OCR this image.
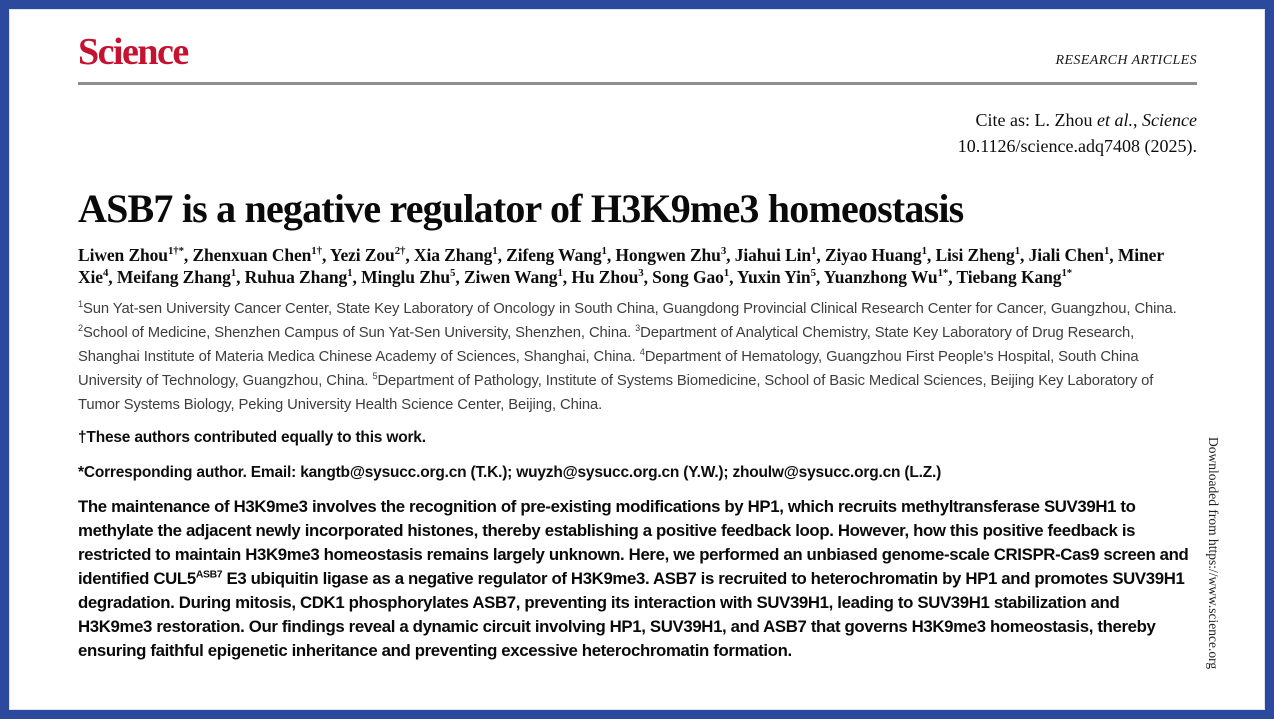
Science	RESEARCH ARTICLES
Cite as: L. Zhou et al., Science
10.1126/science.adq7408 (2025).
ASB7 is a negative regulator of H3K9me3 homeostasis
Liwen Zhou$^{1\dagger*}$, Zhenxuan Chen$^{1\dagger}$, Yezi Zou$^{2\dagger}$, Xia Zhang$^1$, Zifeng Wang$^1$, Hongwen Zhu$^3$, Jiahui Lin$^1$, Ziyao Huang$^1$, Lisi Zheng$^1$, Jiali Chen$^1$, Miner Xie$^4$, Meifang Zhang$^1$, Ruhua Zhang$^1$, Minglu Zhu$^5$, Ziwen Wang$^1$, Hu Zhou$^3$, Song Gao$^1$, Yuxin Yin$^5$, Yuanzhong $Wu^{1*}$, Tiebang Kang$^{1*}$
$^1$Sun Yat-sen University Cancer Center, State Key Laboratory of Oncology in South China, Guangdong Provincial Clinical Research Center for Cancer, Guangzhou, China. $^2$School of Medicine, Shenzhen Campus of Sun Yat-Sen University, Shenzhen, China. $^3$Department of Analytical Chemistry, State Key Laboratory of Drug Research, Shanghai Institute of Materia Medica Chinese Academy of Sciences, Shanghai, China. $^4$Department of Hematology, Guangzhou First People's Hospital, South China University of Technology, Guangzhou, China. $^5$Department of Pathology, Institute of Systems Biomedicine, School of Basic Medical Sciences, Beijing Key Laboratory of Tumor Systems Biology, Peking University Health Science Center, Beijing, China.
†These authors contributed equally to this work.
*Corresponding author. Email: kangtb@sysucc.org.cn (T.K.); wuyzh@sysucc.org.cn (Y.W.); zhoulw@sysucc.org.cn (L.Z.)
The maintenance of H3K9me3 involves the recognition of pre-existing modifications by HP1, which recruits methyltransferase SUV39H1 to methylate the adjacent newly incorporated histones, thereby establishing a positive feedback loop. However, how this positive feedback is restricted to maintain H3K9me3 homeostasis remains largely unknown. Here, we performed an unbiased genome-scale CRISPR-Cas9 screen and identified $CUL5^{ASB7}$ E3 ubiquitin ligase as a negative regulator of H3K9me3. ASB7 is recruited to heterochromatin by HP1 and promotes SUV39H1 degradation. During mitosis, CDK1 phosphorylates ASB7, preventing its interaction with SUV39H1, leading to SUV39H1 stabilization and H3K9me3 restoration. Our findings reveal a dynamic circuit involving HP1, SUV39H1, and ASB7 that governs H3K9me3 homeostasis, thereby ensuring faithful epigenetic inheritance and preventing excessive heterochromatin formation.	Downloaded from https://www.science.org
